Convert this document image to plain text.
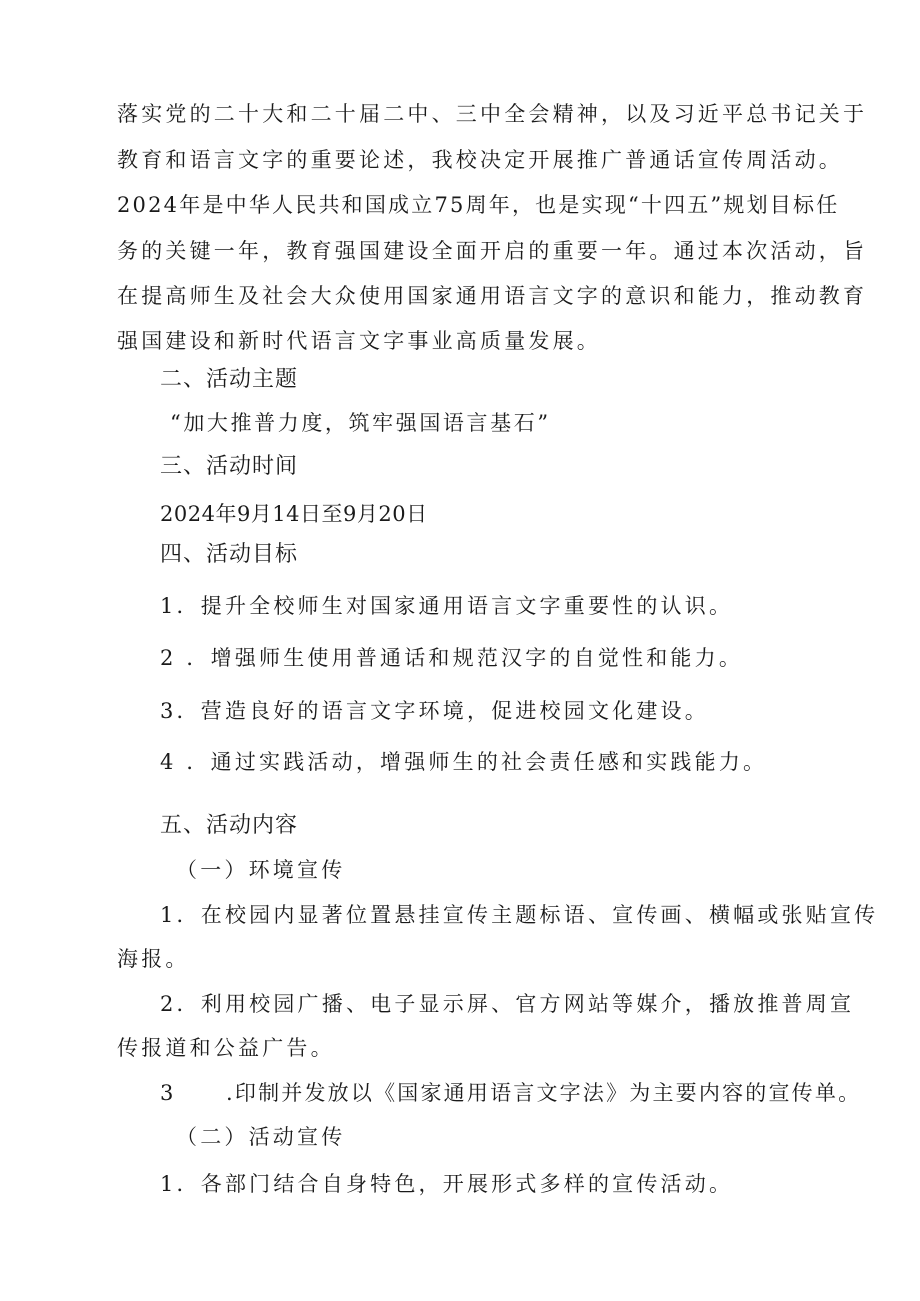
落实党的二十大和二十届二中、三中全会精神，以及习近平总书记关于
教育和语言文字的重要论述，我校决定开展推广普通话宣传周活动。
2024年是中华人民共和国成立75周年，也是实现“十四五”规划目标任
务的关键一年，教育强国建设全面开启的重要一年。通过本次活动，旨
在提高师生及社会大众使用国家通用语言文字的意识和能力，推动教育
强国建设和新时代语言文字事业高质量发展。
二、活动主题
“加大推普力度，筑牢强国语言基石”
三、活动时间
2024年9月14日至9月20日
四、活动目标
1．提升全校师生对国家通用语言文字重要性的认识。
2 ．增强师生使用普通话和规范汉字的自觉性和能力。
3．营造良好的语言文字环境，促进校园文化建设。
4 ．通过实践活动，增强师生的社会责任感和实践能力。
五、活动内容
（一）环境宣传
1．在校园内显著位置悬挂宣传主题标语、宣传画、横幅或张贴宣传
海报。
2．利用校园广播、电子显示屏、官方网站等媒介，播放推普周宣
传报道和公益广告。
3 .印制并发放以《国家通用语言文字法》为主要内容的宣传单。
（二）活动宣传
1．各部门结合自身特色，开展形式多样的宣传活动。
